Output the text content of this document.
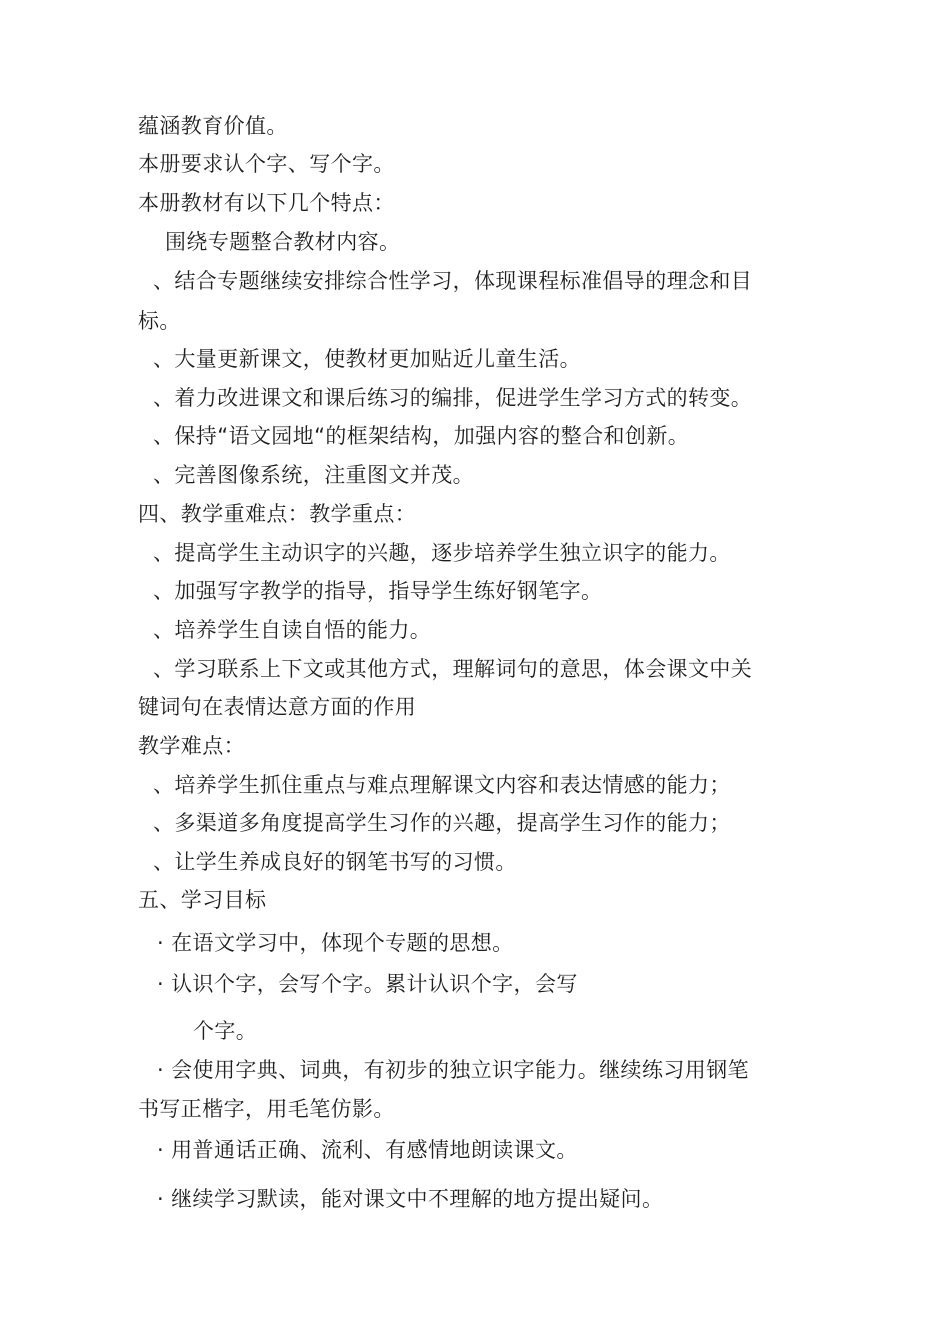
蕴涵教育价值。
本册要求认个字、写个字。
本册教材有以下几个特点：
围绕专题整合教材内容。
、结合专题继续安排综合性学习，体现课程标准倡导的理念和目
标。
、大量更新课文，使教材更加贴近儿童生活。
、着力改进课文和课后练习的编排，促进学生学习方式的转变。
、保持“语文园地“的框架结构，加强内容的整合和创新。
、完善图像系统，注重图文并茂。
四、教学重难点：教学重点：
、提高学生主动识字的兴趣，逐步培养学生独立识字的能力。
、加强写字教学的指导，指导学生练好钢笔字。
、培养学生自读自悟的能力。
、学习联系上下文或其他方式，理解词句的意思，体会课文中关
键词句在表情达意方面的作用
教学难点：
、培养学生抓住重点与难点理解课文内容和表达情感的能力；
、多渠道多角度提高学生习作的兴趣，提高学生习作的能力；
、让学生养成良好的钢笔书写的习惯。
五、学习目标
· 在语文学习中，体现个专题的思想。
· 认识个字，会写个字。累计认识个字，会写
个字。
· 会使用字典、词典，有初步的独立识字能力。继续练习用钢笔
书写正楷字，用毛笔仿影。
· 用普通话正确、流利、有感情地朗读课文。
· 继续学习默读，能对课文中不理解的地方提出疑问。
